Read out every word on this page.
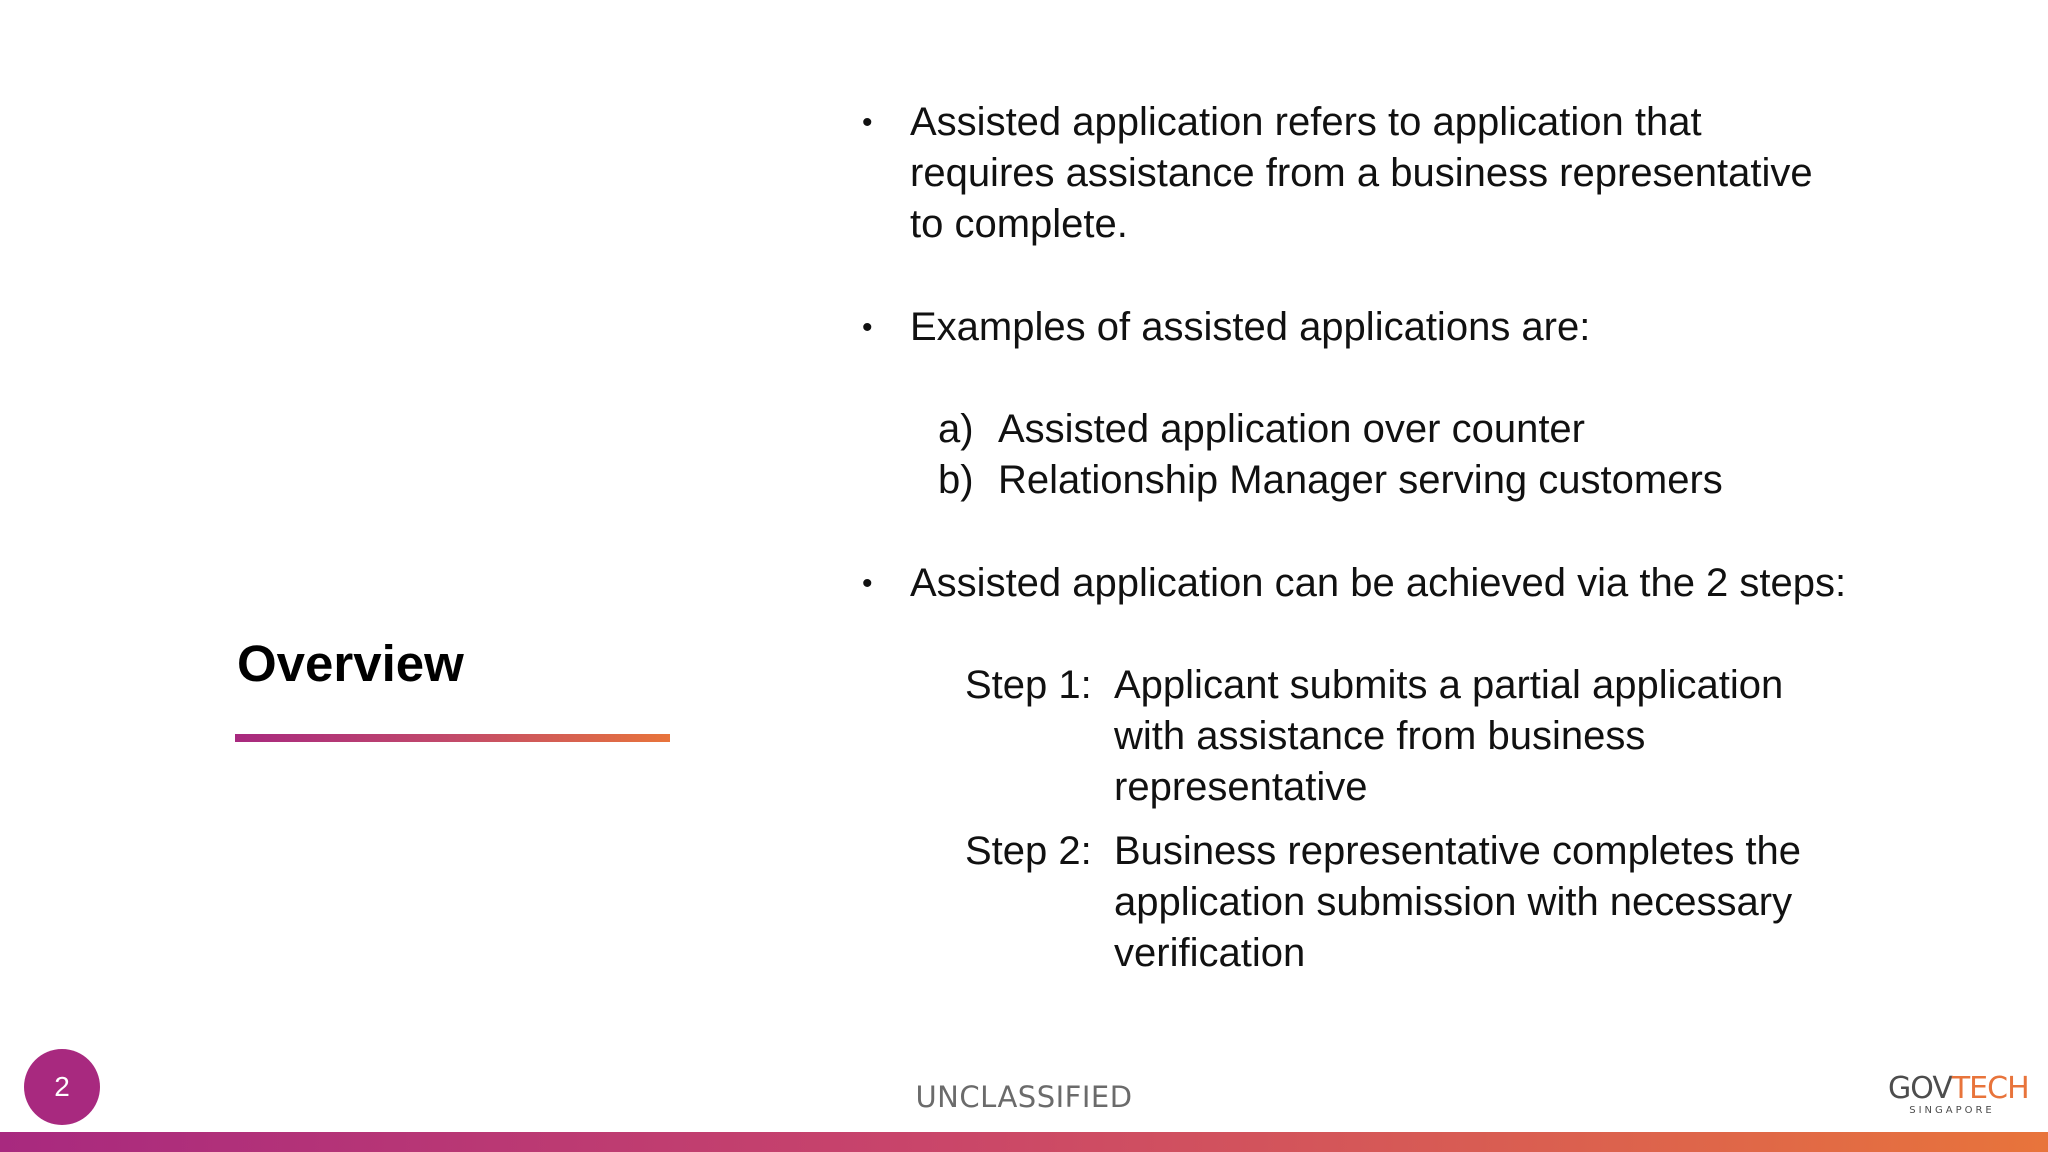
Overview
• Assisted application refers to application that
requires assistance from a business representative
to complete.
• Examples of assisted applications are:
a) Assisted application over counter
b) Relationship Manager serving customers
• Assisted application can be achieved via the 2 steps:
Step 1: Applicant submits a partial application
with assistance from business
representative
Step 2: Business representative completes the
application submission with necessary
verification
2	UNCLASSIFIED	GOVTECH
SINGAPORE
